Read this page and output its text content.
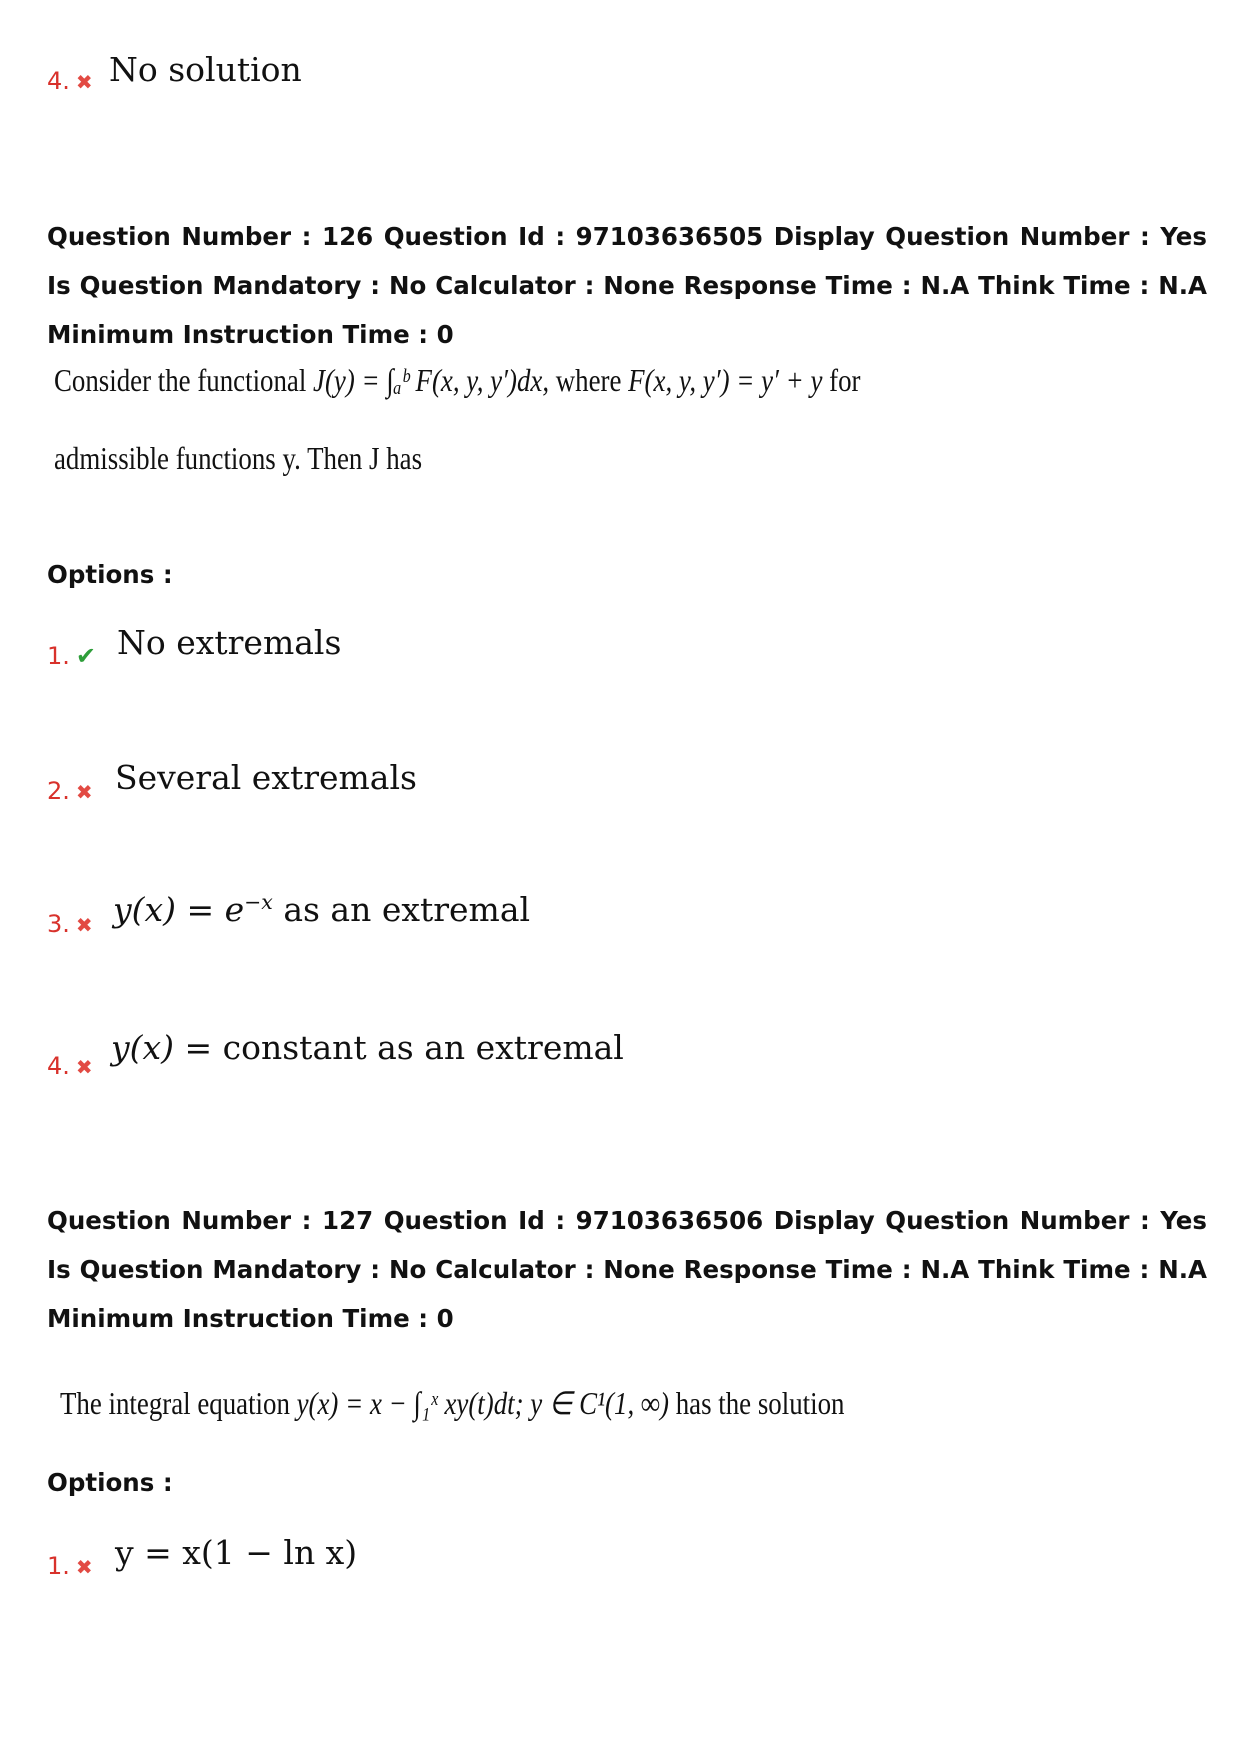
4. ✖ No solution
Question Number : 126 Question Id : 97103636505 Display Question Number : Yes Is Question Mandatory : No Calculator : None Response Time : N.A Think Time : N.A Minimum Instruction Time : 0
Consider the functional J(y) = ∫ₐᵇ F(x, y, y′)dx, where F(x, y, y′) = y′ + y for
admissible functions y. Then J has
Options :
1. ✔ No extremals
2. ✖ Several extremals
3. ✖ $y(x) = e^{-x}$ as an extremal
4. ✖ y(x) = constant as an extremal
Question Number : 127 Question Id : 97103636506 Display Question Number : Yes Is Question Mandatory : No Calculator : None Response Time : N.A Think Time : N.A Minimum Instruction Time : 0
The integral equation y(x) = x − ∫₁ˣ xy(t)dt; y ∈ C¹(1, ∞) has the solution
Options :
1. ✖ y = x(1 − ln x)
